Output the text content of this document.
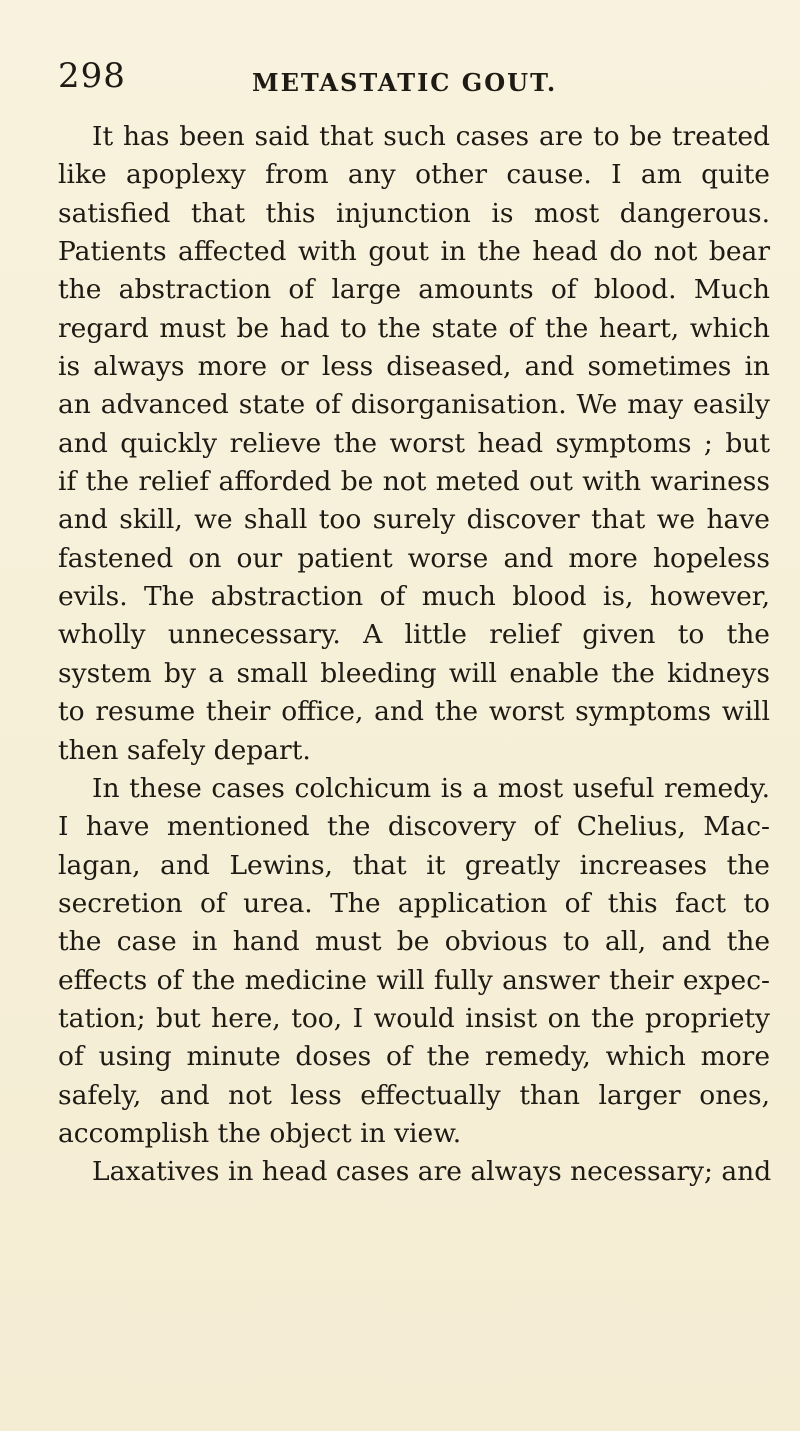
298	METASTATIC GOUT.
It has been said that such cases are to be treated
like apoplexy from any other cause. I am quite
satisfied that this injunction is most dangerous.
Patients affected with gout in the head do not bear
the abstraction of large amounts of blood. Much
regard must be had to the state of the heart, which
is always more or less diseased, and sometimes in
an advanced state of disorganisation. We may easily
and quickly relieve the worst head symptoms ; but
if the relief afforded be not meted out with wariness
and skill, we shall too surely discover that we have
fastened on our patient worse and more hopeless
evils. The abstraction of much blood is, however,
wholly unnecessary. A little relief given to the
system by a small bleeding will enable the kidneys
to resume their office, and the worst symptoms will
then safely depart.
In these cases colchicum is a most useful remedy.
I have mentioned the discovery of Chelius, Mac-
lagan, and Lewins, that it greatly increases the
secretion of urea. The application of this fact to
the case in hand must be obvious to all, and the
effects of the medicine will fully answer their expec-
tation; but here, too, I would insist on the propriety
of using minute doses of the remedy, which more
safely, and not less effectually than larger ones,
accomplish the object in view.
Laxatives in head cases are always necessary; and
